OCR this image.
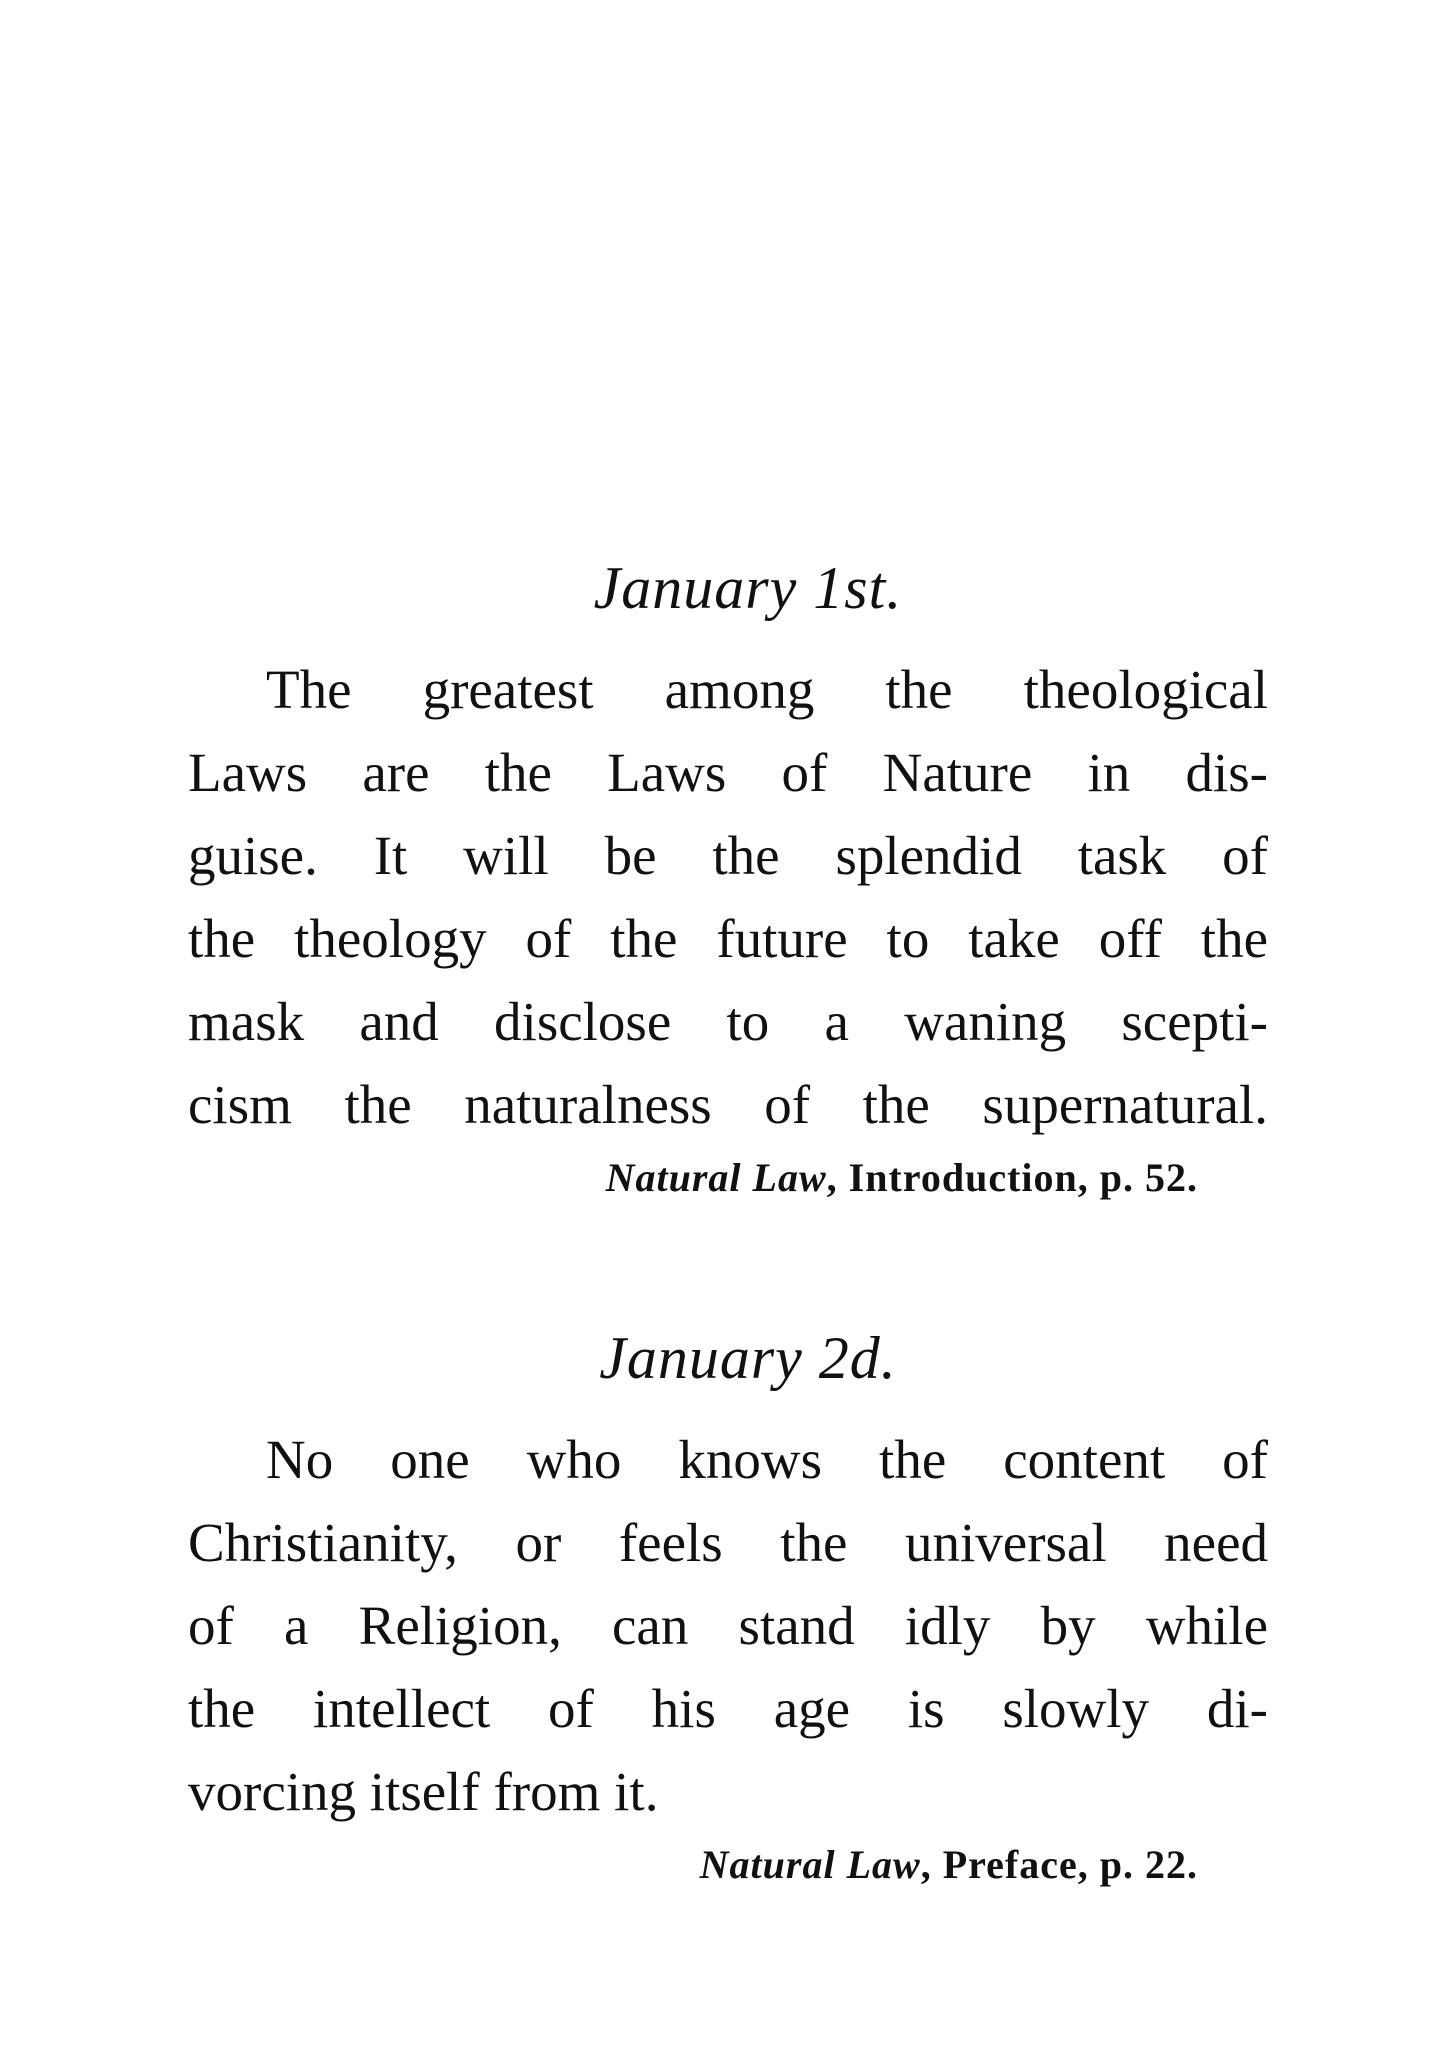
January 1st.
The greatest among the theological
Laws are the Laws of Nature in dis-
guise. It will be the splendid task of
the theology of the future to take off the
mask and disclose to a waning scepti-
cism the naturalness of the supernatural.
Natural Law, Introduction, p. 52.
January 2d.
No one who knows the content of
Christianity, or feels the universal need
of a Religion, can stand idly by while
the intellect of his age is slowly di-
vorcing itself from it.
Natural Law, Preface, p. 22.
